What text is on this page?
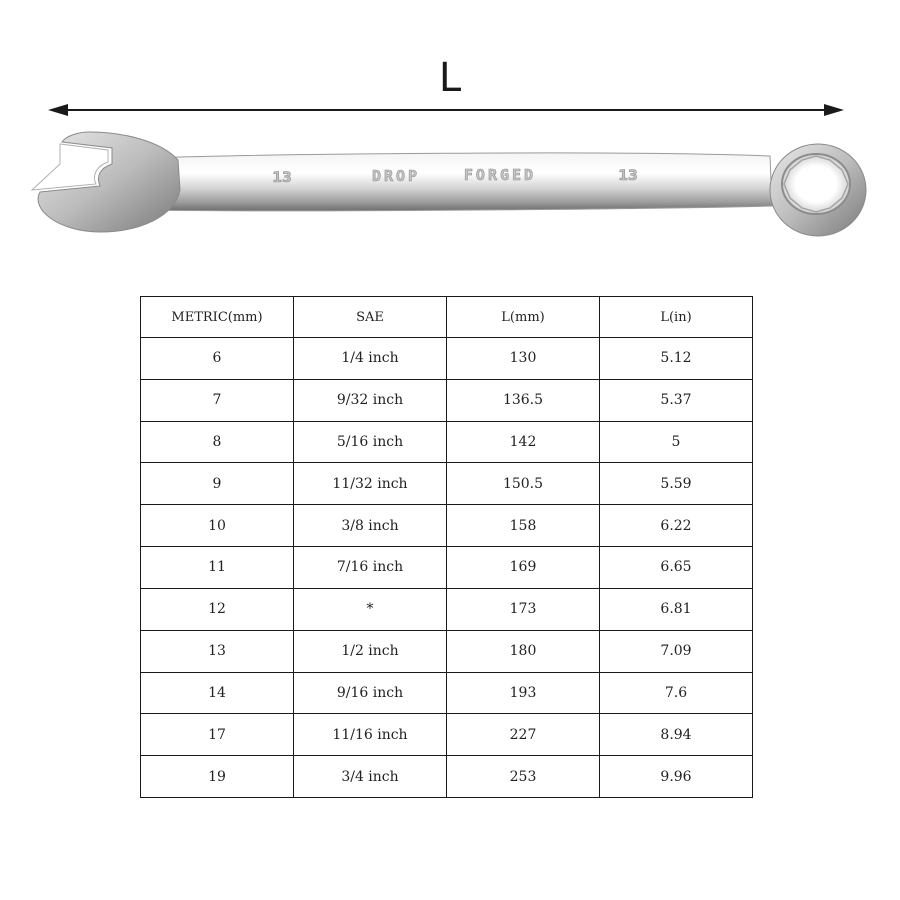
L
13	DROP	FORGED	13
METRIC(mm)	SAE	L(mm)	L(in)
6	1/4 inch	130	5.12
7	9/32 inch	136.5	5.37
8	5/16 inch	142	5
9	11/32 inch	150.5	5.59
10	3/8 inch	158	6.22
11	7/16 inch	169	6.65
12	*	173	6.81
13	1/2 inch	180	7.09
14	9/16 inch	193	7.6
17	11/16 inch	227	8.94
19	3/4 inch	253	9.96
